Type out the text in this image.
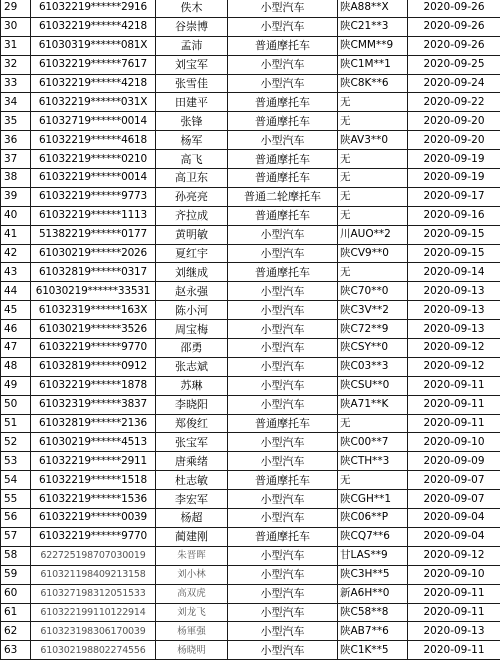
29	61032219******2916	佚木	小型汽车	陕A88**X	2020-09-26
30	61032219******4218	谷崇博	小型汽车	陕C21**3	2020-09-26
31	61030319******081X	孟沛	普通摩托车	陕CMM**9	2020-09-26
32	61032219******7617	刘宝军	小型汽车	陕C1M**1	2020-09-25
33	61032219******4218	张雪佳	小型汽车	陕C8K**6	2020-09-24
34	61032219******031X	田建平	普通摩托车	无	2020-09-22
35	61032719******0014	张锋	普通摩托车	无	2020-09-20
36	61032219******4618	杨军	小型汽车	陕AV3**0	2020-09-20
37	61032219******0210	高飞	普通摩托车	无	2020-09-19
38	61032219******0014	高卫东	普通摩托车	无	2020-09-19
39	61032219******9773	孙亮亮	普通二轮摩托车	无	2020-09-17
40	61032219******1113	齐拉成	普通摩托车	无	2020-09-16
41	51382219******0177	黄明敏	小型汽车	川AUO**2	2020-09-15
42	61030219******2026	夏红宇	小型汽车	陕CV9**0	2020-09-15
43	61032819******0317	刘继成	普通摩托车	无	2020-09-14
44	61030219******33531	赵永强	小型汽车	陕C70**0	2020-09-13
45	61032319******163X	陈小河	小型汽车	陕C3V**2	2020-09-13
46	61030219******3526	周宝梅	小型汽车	陕C72**9	2020-09-13
47	61032219******9770	邵勇	小型汽车	陕CSY**0	2020-09-12
48	61032819******0912	张志斌	小型汽车	陕C03**3	2020-09-12
49	61032219******1878	苏琳	小型汽车	陕CSU**0	2020-09-11
50	61032319******3837	李晓阳	小型汽车	陕A71**K	2020-09-11
51	61032819******2136	郑俊红	普通摩托车	无	2020-09-11
52	61030219******4513	张宝军	小型汽车	陕C00**7	2020-09-10
53	61032219******2911	唐乘绪	小型汽车	陕CTH**3	2020-09-09
54	61032219******1518	杜志敏	普通摩托车	无	2020-09-07
55	61032219******1536	李宏军	小型汽车	陕CGH**1	2020-09-07
56	61032219******0039	杨超	小型汽车	陕C06**P	2020-09-04
57	61032219******9770	蔺建刚	普通摩托车	陕CQ7**6	2020-09-04
58	622725198707030019	朱晋晖	小型汽车	甘LAS**9	2020-09-12
59	610321198409213158	刘小林	小型汽车	陕C3H**5	2020-09-10
60	610327198312051533	高双虎	小型汽车	新A6H**0	2020-09-11
61	610322199110122914	刘龙飞	小型汽车	陕C58**8	2020-09-11
62	610323198306170039	杨軍强	小型汽车	陕AB7**6	2020-09-13
63	610302198802274556	杨晓明	小型汽车	陕C1K**5	2020-09-11
